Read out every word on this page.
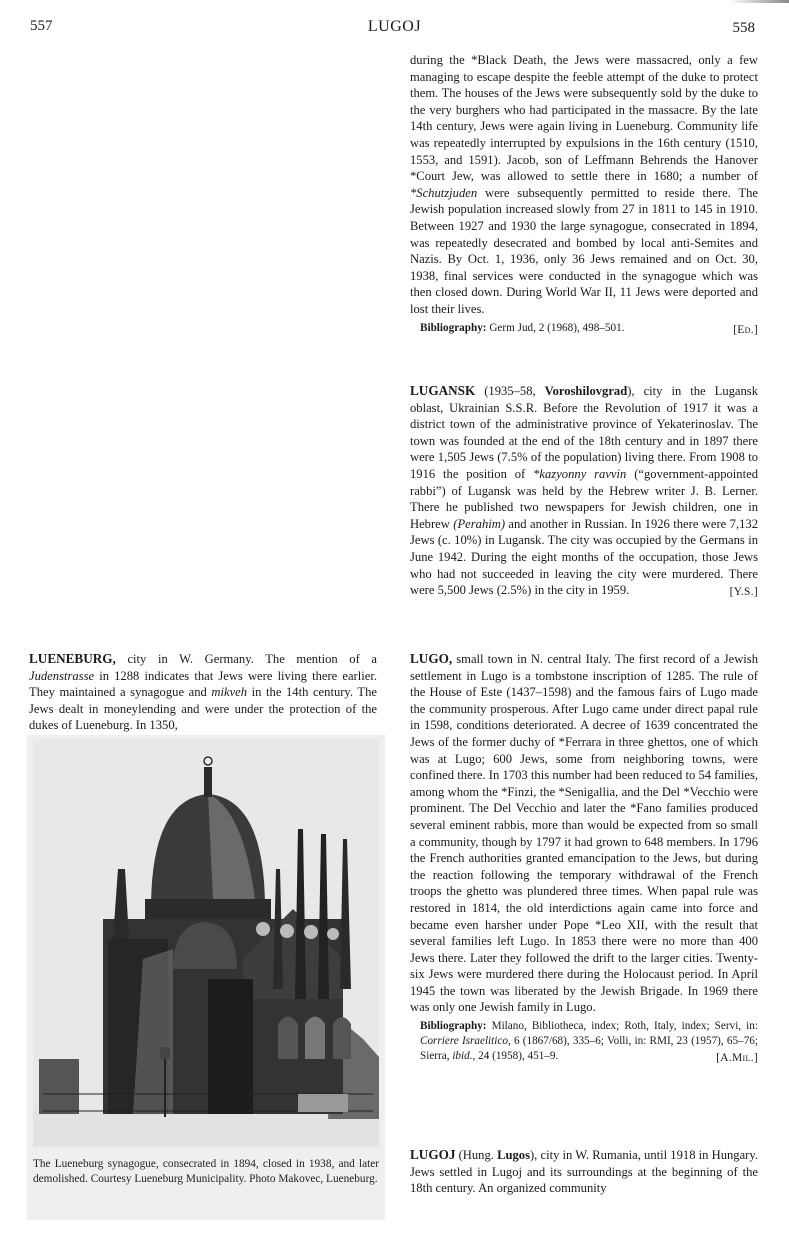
557	LUGOJ	558

during the *Black Death, the Jews were massacred, only a few managing to escape despite the feeble attempt of the duke to protect them. The houses of the Jews were subsequently sold by the duke to the very burghers who had participated in the massacre. By the late 14th century, Jews were again living in Lueneburg. Community life was repeatedly interrupted by expulsions in the 16th century (1510, 1553, and 1591). Jacob, son of Leffmann Behrends the Hanover *Court Jew, was allowed to settle there in 1680; a number of *Schutzjuden were subsequently permitted to reside there. The Jewish population increased slowly from 27 in 1811 to 145 in 1910. Between 1927 and 1930 the large synagogue, consecrated in 1894, was repeatedly desecrated and bombed by local anti-Semites and Nazis. By Oct. 1, 1936, only 36 Jews remained and on Oct. 30, 1938, final services were conducted in the synagogue which was then closed down. During World War II, 11 Jews were deported and lost their lives.

Bibliography: Germ Jud, 2 (1968), 498–501.	[Ed.]

LUGANSK (1935–58, Voroshilovgrad), city in the Lugansk oblast, Ukrainian S.S.R. Before the Revolution of 1917 it was a district town of the administrative province of Yekaterinoslav. The town was founded at the end of the 18th century and in 1897 there were 1,505 Jews (7.5% of the population) living there. From 1908 to 1916 the position of *kazyonny ravvin (“government-appointed rabbi”) of Lugansk was held by the Hebrew writer J. B. Lerner. There he published two newspapers for Jewish children, one in Hebrew (Perahim) and another in Russian. In 1926 there were 7,132 Jews (c. 10%) in Lugansk. The city was occupied by the Germans in June 1942. During the eight months of the occupation, those Jews who had not succeeded in leaving the city were murdered. There were 5,500 Jews (2.5%) in the city in 1959.	[Y.S.]

LUGO, small town in N. central Italy. The first record of a Jewish settlement in Lugo is a tombstone inscription of 1285. The rule of the House of Este (1437–1598) and the famous fairs of Lugo made the community prosperous. After Lugo came under direct papal rule in 1598, conditions deteriorated. A decree of 1639 concentrated the Jews of the former duchy of *Ferrara in three ghettos, one of which was at Lugo; 600 Jews, some from neighboring towns, were confined there. In 1703 this number had been reduced to 54 families, among whom the *Finzi, the *Senigallia, and the Del *Vecchio were prominent. The Del Vecchio and later the *Fano families produced several eminent rabbis, more than would be expected from so small a community, though by 1797 it had grown to 648 members. In 1796 the French authorities granted emancipation to the Jews, but during the reaction following the temporary withdrawal of the French troops the ghetto was plundered three times. When papal rule was restored in 1814, the old interdictions again came into force and became even harsher under Pope *Leo XII, with the result that several families left Lugo. In 1853 there were no more than 400 Jews there. Later they followed the drift to the larger cities. Twenty-six Jews were murdered there during the Holocaust period. In April 1945 the town was liberated by the Jewish Brigade. In 1969 there was only one Jewish family in Lugo.

Bibliography: Milano, Bibliotheca, index; Roth, Italy, index; Servi, in: Corriere Israelitico, 6 (1867/68), 335–6; Volli, in: RMI, 23 (1957), 65–76; Sierra, ibid., 24 (1958), 451–9.	[A.Mil.]

LUGOJ (Hung. Lugos), city in W. Rumania, until 1918 in Hungary. Jews settled in Lugoj and its surroundings at the beginning of the 18th century. An organized community

LUENEBURG, city in W. Germany. The mention of a Judenstrasse in 1288 indicates that Jews were living there earlier. They maintained a synagogue and mikveh in the 14th century. The Jews dealt in moneylending and were under the protection of the dukes of Lueneburg. In 1350,

The Lueneburg synagogue, consecrated in 1894, closed in 1938, and later demolished. Courtesy Lueneburg Municipality. Photo Makovec, Lueneburg.
